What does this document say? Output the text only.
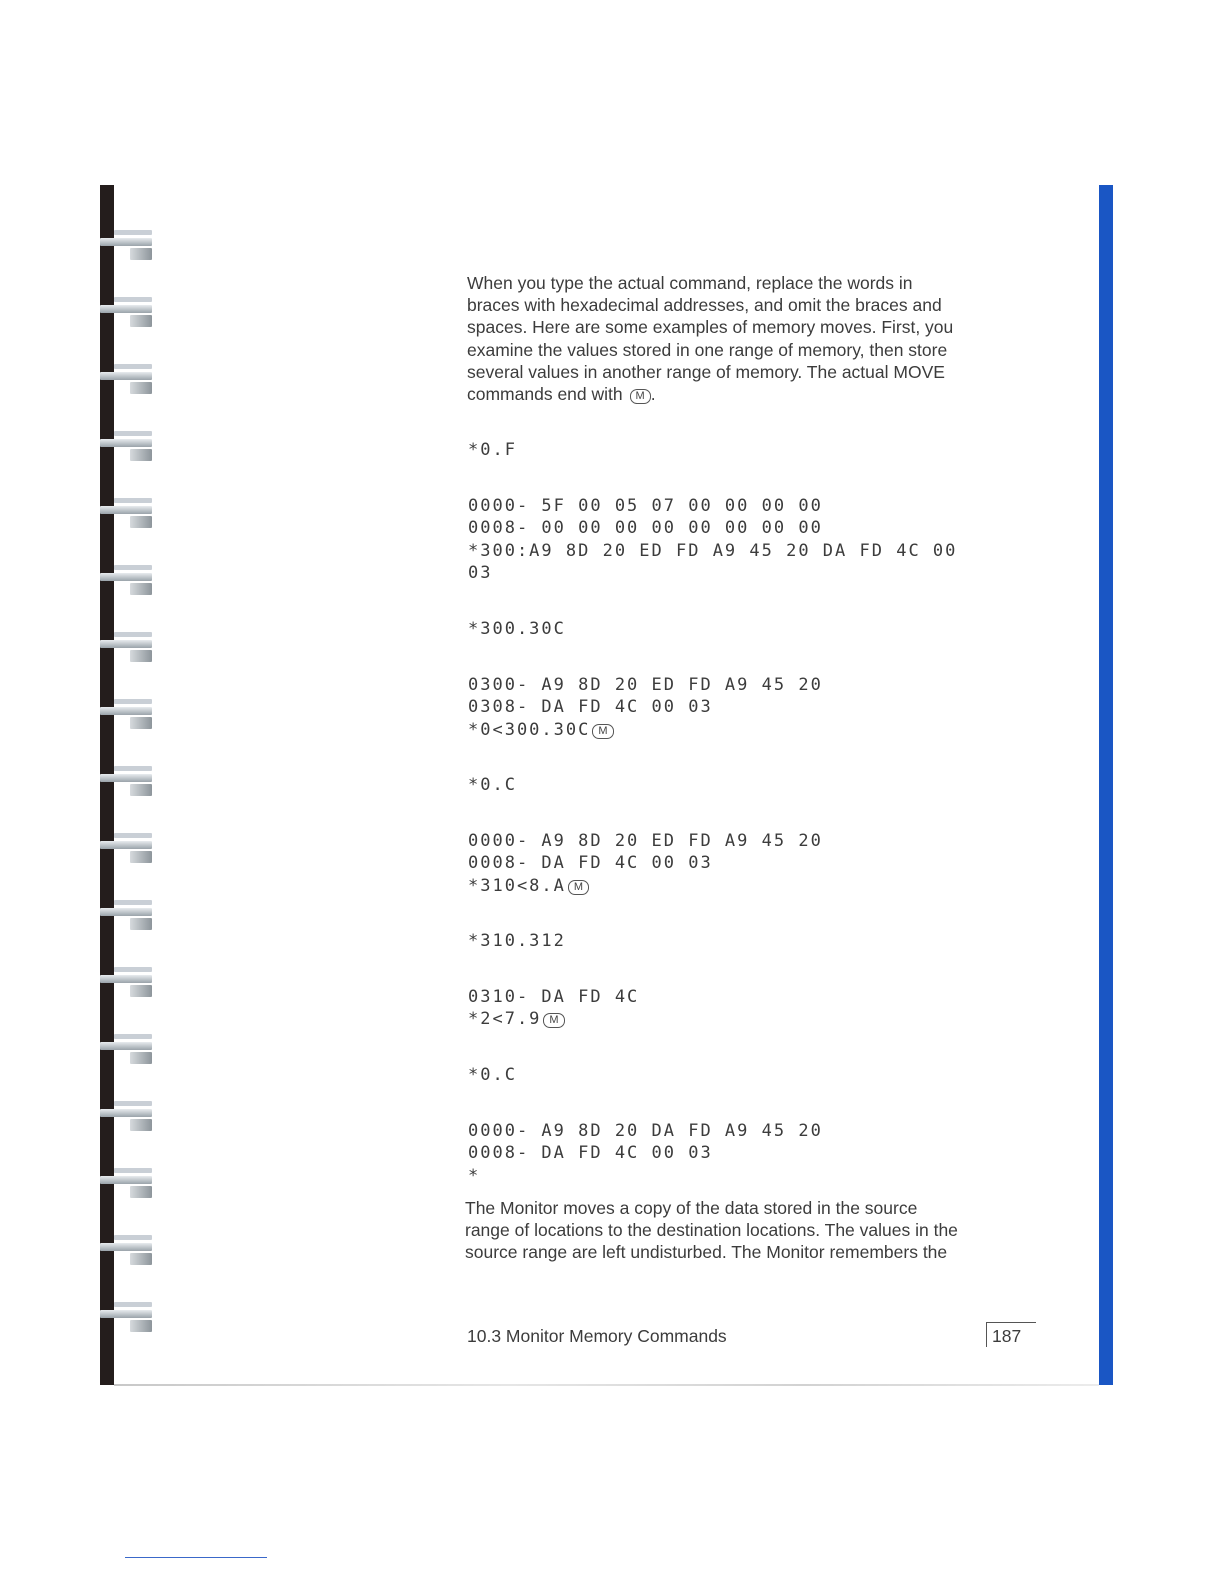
When you type the actual command, replace the words in
braces with hexadecimal addresses, and omit the braces and
spaces. Here are some examples of memory moves. First, you
examine the values stored in one range of memory, then store
several values in another range of memory. The actual MOVE
commands end with M .

*0.F
0000- 5F 00 05 07 00 00 00 00
0008- 00 00 00 00 00 00 00 00
*300:A9 8D 20 ED FD A9 45 20 DA FD 4C 00
03
*300.30C
0300- A9 8D 20 ED FD A9 45 20
0308- DA FD 4C 00 03
*0<300.30C M
*0.C
0000- A9 8D 20 ED FD A9 45 20
0008- DA FD 4C 00 03
*310<8.A M
*310.312
0310- DA FD 4C
*2<7.9 M
*0.C
0000- A9 8D 20 DA FD A9 45 20
0008- DA FD 4C 00 03
*

The Monitor moves a copy of the data stored in the source
range of locations to the destination locations. The values in the
source range are left undisturbed. The Monitor remembers the

10.3 Monitor Memory Commands	187
